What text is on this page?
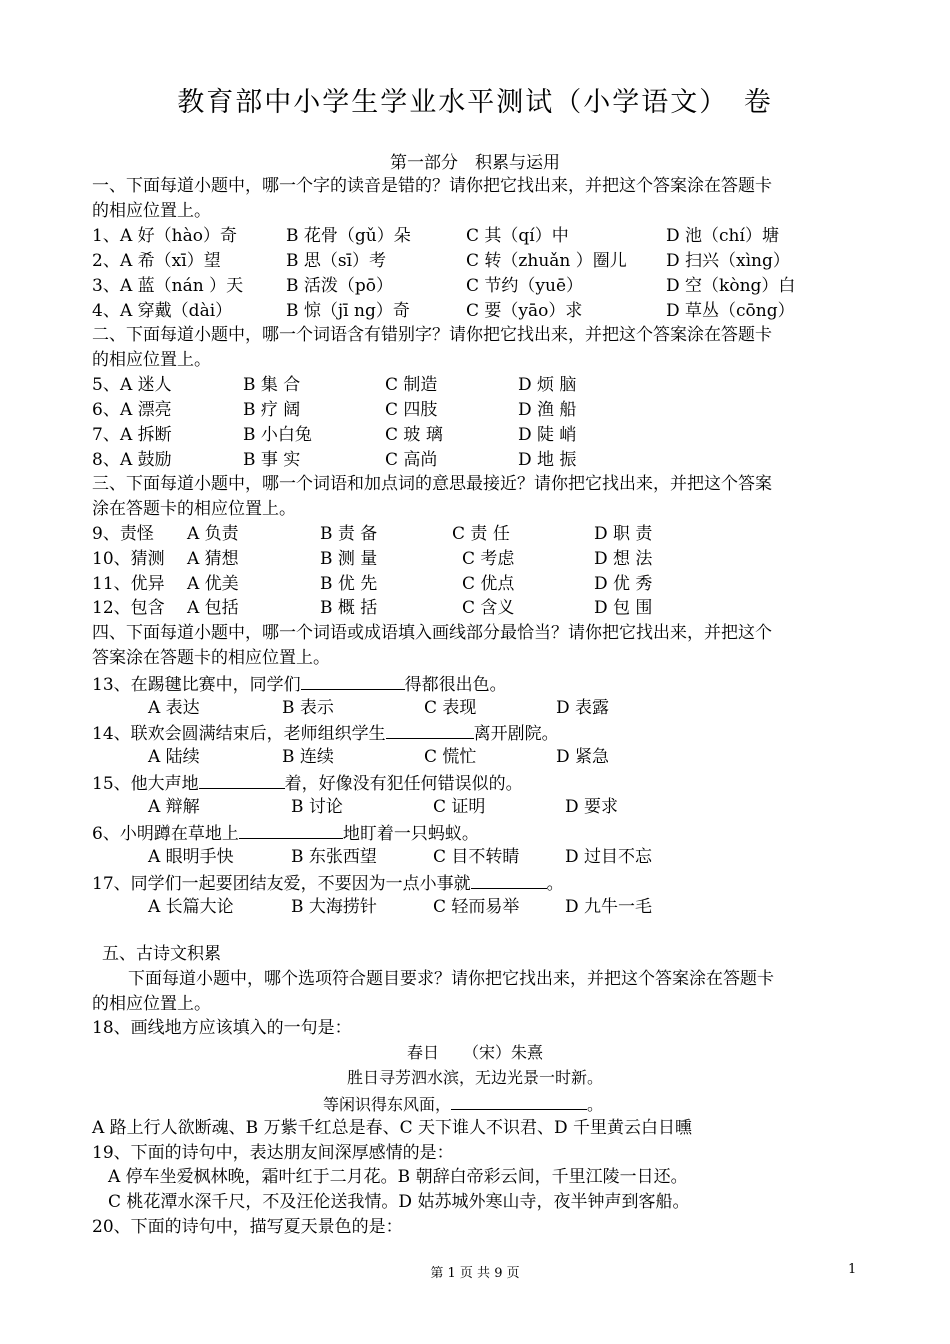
教育部中小学生学业水平测试（小学语文）　卷
第一部分　积累与运用
一、下面每道小题中，哪一个字的读音是错的？请你把它找出来，并把这个答案涂在答题卡
的相应位置上。
1、 A 好（hào）奇	B 花骨（gǔ）朵	C 其（qí）中	D 池（chí）塘
2、 A 希（xī）望	B 思（sī）考	C 转（zhuǎn ）圈儿 D 扫兴（xìng）
3、 A 蓝（nán ）天	B 活泼（pō）	C 节约（yuē）	D 空（kòng）白
4、 A 穿戴（dài）	B 惊（jī ng）奇	C 要（yāo）求	D 草丛（cōng）
二、下面每道小题中，哪一个词语含有错别字？请你把它找出来，并把这个答案涂在答题卡
的相应位置上。
5、 A 迷人	B 集 合	C 制造	D 烦 脑
6、 A 漂亮	B 疗 阔	C 四肢	D 渔 船
7、 A 拆断	B 小白兔	C 玻 璃	D 陡 峭
8、 A 鼓励	B 事 实	C 高尚	D 地 振
三、下面每道小题中，哪一个词语和加点词的意思最接近？请你把它找出来，并把这个答案
涂在答题卡的相应位置上。
9、责怪 A 负责	B 责 备	C 责 任	D 职 责
10、猜测 A 猜想	B 测 量	C 考虑	D 想 法
11、优异 A 优美	B 优 先	C 优点	D 优 秀
12、包含 A 包括	B 概 括	C 含义	D 包 围
四、下面每道小题中，哪一个词语或成语填入画线部分最恰当？请你把它找出来，并把这个
答案涂在答题卡的相应位置上。
13、在踢毽比赛中，同学们	得都很出色。
A 表达	B 表示	C 表现	D 表露
14、联欢会圆满结束后，老师组织学生	离开剧院。
A 陆续	B 连续	C 慌忙	D 紧急
15、他大声地	着，好像没有犯任何错误似的。
A 辩解	B 讨论	C 证明	D 要求
6、小明蹲在草地上	地盯着一只蚂蚁。
A 眼明手快	B 东张西望	C 目不转睛	D 过目不忘
17、同学们一起要团结友爱，不要因为一点小事就	。
A 长篇大论	B 大海捞针	C 轻而易举	D 九牛一毛
五、古诗文积累
下面每道小题中，哪个选项符合题目要求？请你把它找出来，并把这个答案涂在答题卡
的相应位置上。
18、画线地方应该填入的一句是：
春日　　（宋）朱熹
胜日寻芳泗水滨，无边光景一时新。
等闲识得东风面，	。
A 路上行人欲断魂、B 万紫千红总是春、C 天下谁人不识君、D 千里黄云白日曛
19、下面的诗句中，表达朋友间深厚感情的是：
A 停车坐爱枫林晚，霜叶红于二月花。B 朝辞白帝彩云间，千里江陵一日还。
C 桃花潭水深千尺，不及汪伦送我情。D 姑苏城外寒山寺，夜半钟声到客船。
20、下面的诗句中，描写夏天景色的是：
第 1 页 共 9 页	1
